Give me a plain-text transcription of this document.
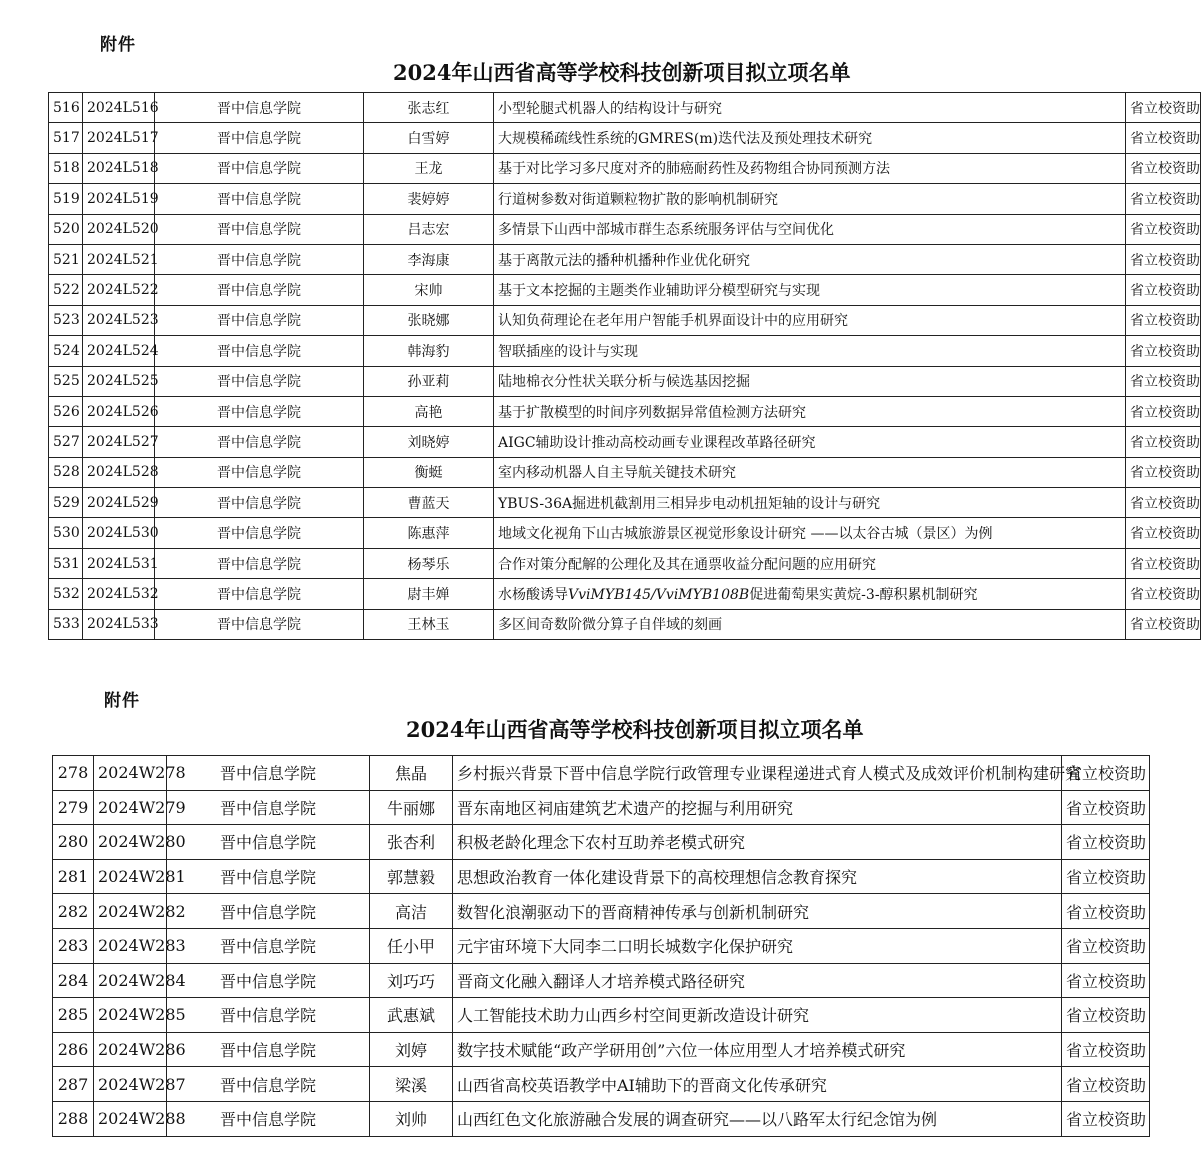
附件
2024年山西省高等学校科技创新项目拟立项名单
516	2024L516	晋中信息学院	张志红	小型轮腿式机器人的结构设计与研究	省立校资助
517	2024L517	晋中信息学院	白雪婷	大规模稀疏线性系统的GMRES(m)迭代法及预处理技术研究	省立校资助
518	2024L518	晋中信息学院	王龙	基于对比学习多尺度对齐的肺癌耐药性及药物组合协同预测方法	省立校资助
519	2024L519	晋中信息学院	裴婷婷	行道树参数对街道颗粒物扩散的影响机制研究	省立校资助
520	2024L520	晋中信息学院	吕志宏	多情景下山西中部城市群生态系统服务评估与空间优化	省立校资助
521	2024L521	晋中信息学院	李海康	基于离散元法的播种机播种作业优化研究	省立校资助
522	2024L522	晋中信息学院	宋帅	基于文本挖掘的主题类作业辅助评分模型研究与实现	省立校资助
523	2024L523	晋中信息学院	张晓娜	认知负荷理论在老年用户智能手机界面设计中的应用研究	省立校资助
524	2024L524	晋中信息学院	韩海豹	智联插座的设计与实现	省立校资助
525	2024L525	晋中信息学院	孙亚莉	陆地棉衣分性状关联分析与候选基因挖掘	省立校资助
526	2024L526	晋中信息学院	高艳	基于扩散模型的时间序列数据异常值检测方法研究	省立校资助
527	2024L527	晋中信息学院	刘晓婷	AIGC辅助设计推动高校动画专业课程改革路径研究	省立校资助
528	2024L528	晋中信息学院	衡蜓	室内移动机器人自主导航关键技术研究	省立校资助
529	2024L529	晋中信息学院	曹蓝天	YBUS-36A掘进机截割用三相异步电动机扭矩轴的设计与研究	省立校资助
530	2024L530	晋中信息学院	陈惠萍	地域文化视角下山古城旅游景区视觉形象设计研究 ——以太谷古城（景区）为例	省立校资助
531	2024L531	晋中信息学院	杨琴乐	合作对策分配解的公理化及其在通票收益分配问题的应用研究	省立校资助
532	2024L532	晋中信息学院	尉丰婵	水杨酸诱导VviMYB145/VviMYB108B促进葡萄果实黄烷-3-醇积累机制研究	省立校资助
533	2024L533	晋中信息学院	王林玉	多区间奇数阶微分算子自伴域的刻画	省立校资助
附件
2024年山西省高等学校科技创新项目拟立项名单
278	2024W278	晋中信息学院	焦晶	乡村振兴背景下晋中信息学院行政管理专业课程递进式育人模式及成效评价机制构建研究	省立校资助
279	2024W279	晋中信息学院	牛丽娜	晋东南地区祠庙建筑艺术遗产的挖掘与利用研究	省立校资助
280	2024W280	晋中信息学院	张杏利	积极老龄化理念下农村互助养老模式研究	省立校资助
281	2024W281	晋中信息学院	郭慧毅	思想政治教育一体化建设背景下的高校理想信念教育探究	省立校资助
282	2024W282	晋中信息学院	高洁	数智化浪潮驱动下的晋商精神传承与创新机制研究	省立校资助
283	2024W283	晋中信息学院	任小甲	元宇宙环境下大同李二口明长城数字化保护研究	省立校资助
284	2024W284	晋中信息学院	刘巧巧	晋商文化融入翻译人才培养模式路径研究	省立校资助
285	2024W285	晋中信息学院	武惠斌	人工智能技术助力山西乡村空间更新改造设计研究	省立校资助
286	2024W286	晋中信息学院	刘婷	数字技术赋能“政产学研用创”六位一体应用型人才培养模式研究	省立校资助
287	2024W287	晋中信息学院	梁溪	山西省高校英语教学中AI辅助下的晋商文化传承研究	省立校资助
288	2024W288	晋中信息学院	刘帅	山西红色文化旅游融合发展的调查研究——以八路军太行纪念馆为例	省立校资助
